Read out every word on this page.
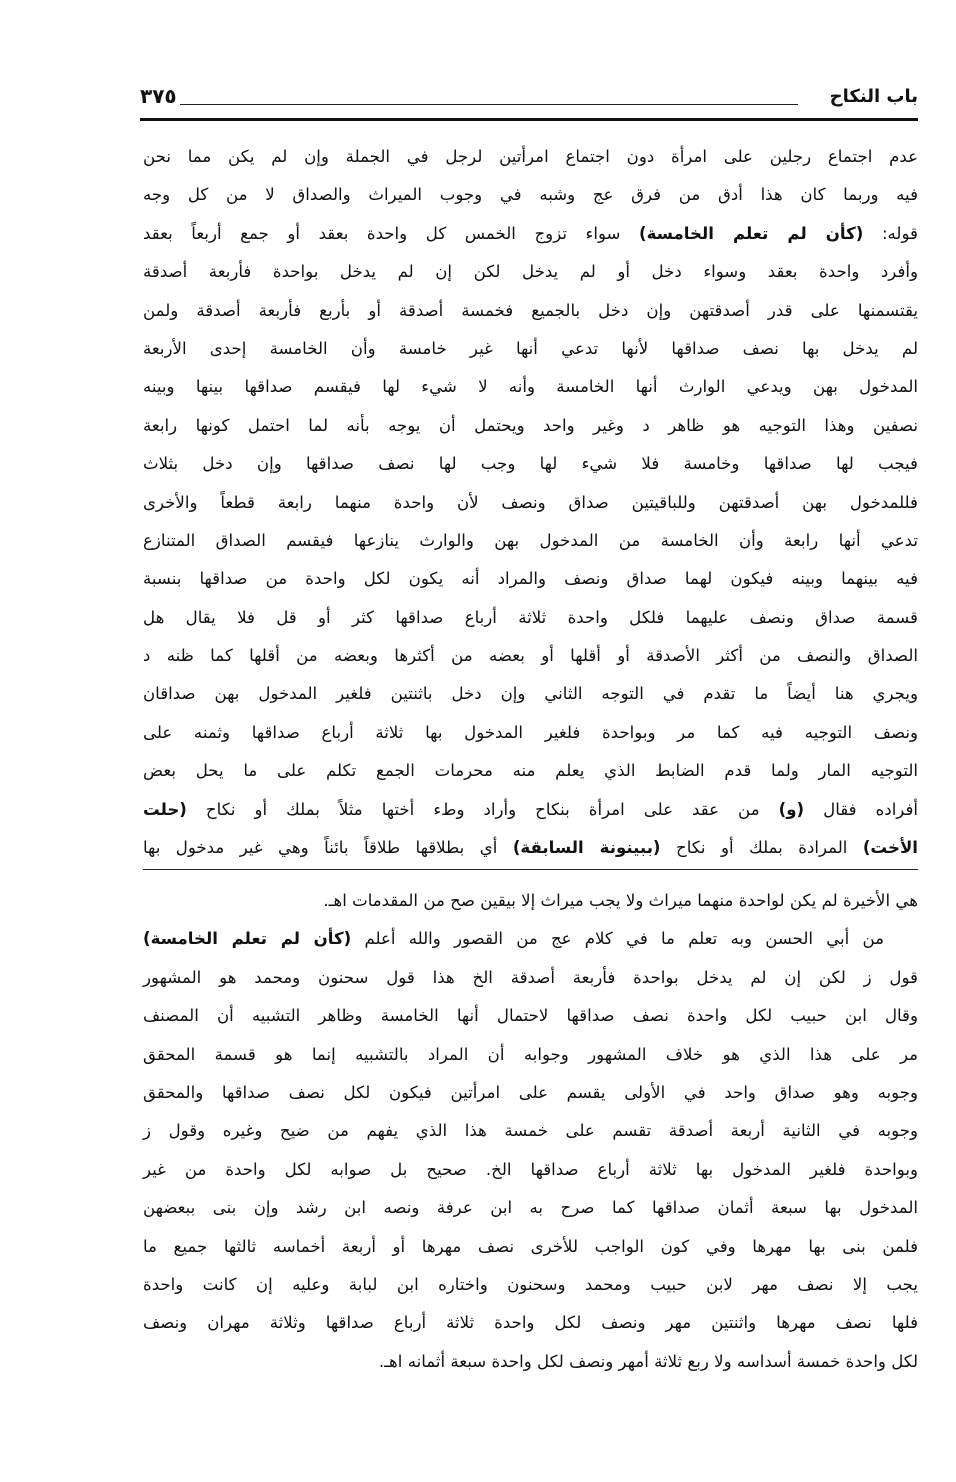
باب النكاح
٣٧٥
عدم اجتماع رجلين على امرأة دون اجتماع امرأتين لرجل في الجملة وإن لم يكن مما نحن
فيه وربما كان هذا أدق من فرق عج وشبه في وجوب الميراث والصداق لا من كل وجه
قوله: (كأن لم تعلم الخامسة) سواء تزوج الخمس كل واحدة بعقد أو جمع أربعاً بعقد
وأفرد واحدة بعقد وسواء دخل أو لم يدخل لكن إن لم يدخل بواحدة فأربعة أصدقة
يقتسمنها على قدر أصدقتهن وإن دخل بالجميع فخمسة أصدقة أو بأربع فأربعة أصدقة ولمن
لم يدخل بها نصف صداقها لأنها تدعي أنها غير خامسة وأن الخامسة إحدى الأربعة
المدخول بهن ويدعي الوارث أنها الخامسة وأنه لا شيء لها فيقسم صداقها بينها وبينه
نصفين وهذا التوجيه هو ظاهر د وغير واحد ويحتمل أن يوجه بأنه لما احتمل كونها رابعة
فيجب لها صداقها وخامسة فلا شيء لها وجب لها نصف صداقها وإن دخل بثلاث
فللمدخول بهن أصدقتهن وللباقيتين صداق ونصف لأن واحدة منهما رابعة قطعاً والأخرى
تدعي أنها رابعة وأن الخامسة من المدخول بهن والوارث ينازعها فيقسم الصداق المتنازع
فيه بينهما وبينه فيكون لهما صداق ونصف والمراد أنه يكون لكل واحدة من صداقها بنسبة
قسمة صداق ونصف عليهما فلكل واحدة ثلاثة أرباع صداقها كثر أو قل فلا يقال هل
الصداق والنصف من أكثر الأصدقة أو أقلها أو بعضه من أكثرها وبعضه من أقلها كما ظنه د
ويجري هنا أيضاً ما تقدم في التوجه الثاني وإن دخل باثنتين فلغير المدخول بهن صداقان
ونصف التوجيه فيه كما مر وبواحدة فلغير المدخول بها ثلاثة أرباع صداقها وثمنه على
التوجيه المار ولما قدم الضابط الذي يعلم منه محرمات الجمع تكلم على ما يحل بعض
أفراده فقال (و) من عقد على امرأة بنكاح وأراد وطء أختها مثلاً بملك أو نكاح (حلت
الأخت) المرادة بملك أو نكاح (ببينونة السابقة) أي بطلاقها طلاقاً بائناً وهي غير مدخول بها
هي الأخيرة لم يكن لواحدة منهما ميراث ولا يجب ميراث إلا بيقين صح من المقدمات اهـ.
من أبي الحسن وبه تعلم ما في كلام عج من القصور والله أعلم (كأن لم تعلم الخامسة)
قول ز لكن إن لم يدخل بواحدة فأربعة أصدقة الخ هذا قول سحنون ومحمد هو المشهور
وقال ابن حبيب لكل واحدة نصف صداقها لاحتمال أنها الخامسة وظاهر التشبيه أن المصنف
مر على هذا الذي هو خلاف المشهور وجوابه أن المراد بالتشبيه إنما هو قسمة المحقق
وجوبه وهو صداق واحد في الأولى يقسم على امرأتين فيكون لكل نصف صداقها والمحقق
وجوبه في الثانية أربعة أصدقة تقسم على خمسة هذا الذي يفهم من ضيح وغيره وقول ز
وبواحدة فلغير المدخول بها ثلاثة أرباع صداقها الخ. صحيح بل صوابه لكل واحدة من غير
المدخول بها سبعة أثمان صداقها كما صرح به ابن عرفة ونصه ابن رشد وإن بنى ببعضهن
فلمن بنى بها مهرها وفي كون الواجب للأخرى نصف مهرها أو أربعة أخماسه ثالثها جميع ما
يجب إلا نصف مهر لابن حبيب ومحمد وسحنون واختاره ابن لبابة وعليه إن كانت واحدة
فلها نصف مهرها واثنتين مهر ونصف لكل واحدة ثلاثة أرباع صداقها وثلاثة مهران ونصف
لكل واحدة خمسة أسداسه ولا ربع ثلاثة أمهر ونصف لكل واحدة سبعة أثمانه اهـ.
